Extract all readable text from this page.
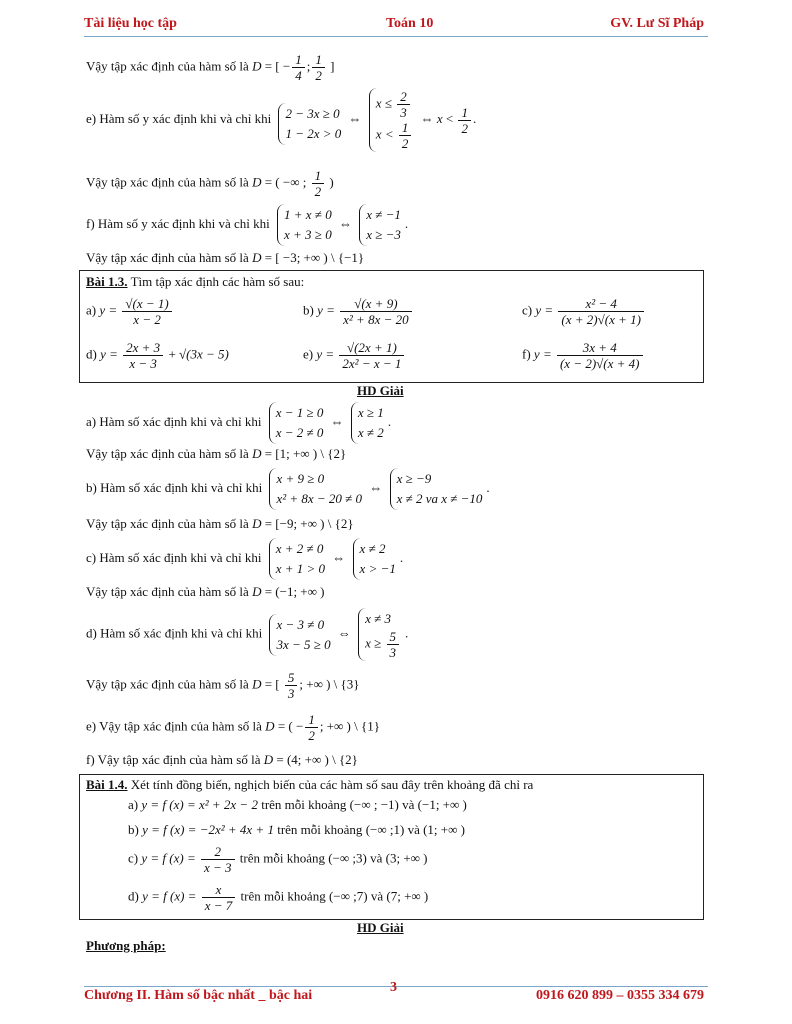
Tài liệu học tập	Toán 10	GV. Lư Sĩ Pháp
Vậy tập xác định của hàm số là D = [ − $\frac{1}{4}$ ; $\frac{1}{2}$ ]
e) Hàm số y xác định khi và chỉ khi 2 − 3x ≥ 0
1 − 2x > 0
⇔
$x \le \frac{2}{3}$
$x < \frac{1}{2}$
⇔ $x < \frac{1}{2}$ .
Vậy tập xác định của hàm số là D = ( −∞ ; $\frac{1}{2}$ )
f) Hàm số y xác định khi và chỉ khi
1 + x ≠ 0
x + 3 ≥ 0
⇔
x ≠ −1
x ≥ −3
.
Vậy tập xác định của hàm số là D = [ −3; +∞ ) \ {−1}
Bài 1.3. Tìm tập xác định các hàm số sau:
a) $y = \frac{√(x - 1)}{x - 2}$	b) $y = \frac{√(x + 9)}{\text{x² + 8x − 20}}$	c) $y = \frac{\text{x² − 4}}{(x + 2)√(x + 1)}$
d) $y = \frac{2x + 3}{x - 3} + √(3x - 5)$	e) $y = \frac{√(2x + 1)}{\text{2x² − x − 1}}$	f) $y = \frac{3x + 4}{(x - 2)√(x + 4)}$
HD Giải
a) Hàm số xác định khi và chỉ khi
x − 1 ≥ 0
x − 2 ≠ 0
⇔
x ≥ 1
x ≠ 2
.
Vậy tập xác định của hàm số là D = [1; +∞ ) \ {2}
b) Hàm số xác định khi và chỉ khi
x + 9 ≥ 0
x² + 8x − 20 ≠ 0
⇔
x ≥ −9
x ≠ 2 va x ≠ −10
.
Vậy tập xác định của hàm số là D = [−9; +∞ ) \ {2}
c) Hàm số xác định khi và chỉ khi
x + 2 ≠ 0
x + 1 > 0
⇔
x ≠ 2
x > −1
.
Vậy tập xác định của hàm số là D = (−1; +∞ )
d) Hàm số xác định khi và chỉ khi
x − 3 ≠ 0
3x − 5 ≥ 0
⇔
x ≠ 3
$x \ge \frac{5}{3}$ .
Vậy tập xác định của hàm số là D = [ $\frac{5}{3}$ ; +∞ ) \ {3}
e) Vậy tập xác định của hàm số là D = ( − $\frac{1}{2}$ ; +∞ ) \ {1}
f) Vậy tập xác định của hàm số là D = (4; +∞ ) \ {2}
Bài 1.4. Xét tính đồng biến, nghịch biến của các hàm số sau đây trên khoảng đã chỉ ra
a) y = f (x) = x² + 2x − 2 trên mỗi khoảng (−∞ ; −1) và (−1; +∞ )
b) y = f (x) = −2x² + 4x + 1 trên mỗi khoảng (−∞ ;1) và (1; +∞ )
c) y = f $(x) = \frac{2}{x - 3}$ trên mỗi khoảng (−∞ ;3) và (3; +∞ )
d) y = f $(x) = \frac{x}{x - 7}$ trên mỗi khoảng (−∞ ;7) và (7; +∞ )
HD Giải
Phương pháp:
Chương II. Hàm số bậc nhất _ bậc hai
3
0916 620 899 – 0355 334 679
